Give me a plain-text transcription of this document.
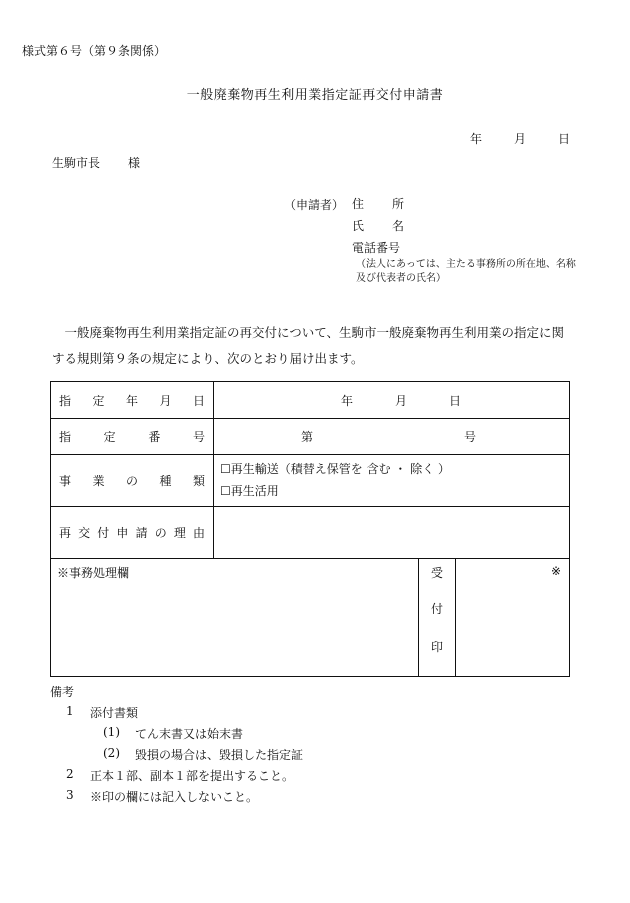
様式第６号（第９条関係）
一般廃棄物再生利用業指定証再交付申請書
年	月	日
生駒市長 様
（申請者） 住 所
氏 名
電話番号
（法人にあっては、主たる事務所の所在地、名称及び代表者の氏名）
一般廃棄物再生利用業指定証の再交付について、生駒市一般廃棄物再生利用業の指定に関する規則第９条の規定により、次のとおり届け出ます。
指 定 年 月 日	年	月	日
指	定	番	号	第	号
事 業 の 種 類
☐再生輸送（積替え保管を 含む ・ 除く ）
☐再生活用
再 交 付 申 請 の 理 由
※事務処理欄	受
付
印
※
備考
1 添付書類
(1) てん末書又は始末書
(2) 毀損の場合は、毀損した指定証
2 正本１部、副本１部を提出すること。
3 ※印の欄には記入しないこと。
